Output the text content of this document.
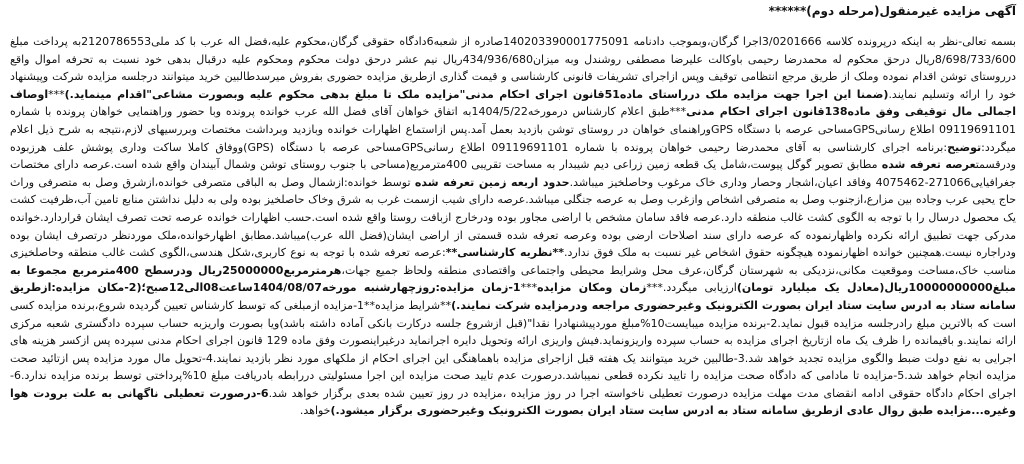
آگهی مزایده غیرمنقول(مرحله دوم)******
بسمه تعالی-نظر به اینکه درپرونده کلاسه 3/0201666اجرا گرگان،وبموجب دادنامه 140203390001775091صادره از شعبه6دادگاه حقوقی گرگان،محکوم علیه،فضل اله عرب با کد ملی2120786553به پرداخت مبلغ 8/698/733/600ریال درحق محکوم له محمدرضا رحیمی باوکالت علیرضا مصطفی روشندل وبه میزان434/936/680ریال نیم عشر درحق دولت محکوم ومحکوم علیه درقبال بدهی خود نسبت به تحرفه اموال واقع درروستای توشن اقدام نموده وملک از طریق مرجع انتظامی توقیف وپس ازاجرای تشریفات قانونی کارشناسی و قیمت گذاری ازطریق مزایده حضوری بفروش میرسدطالبین خرید میتوانند درجلسه مزایده شرکت وپیشنهاد خود را ارائه وتسلیم نمایند.(ضمنا این اجرا جهت مزایده ملک درراستای ماده51قانون اجرای احکام مدنی"مزایده ملک تا مبلغ بدهی محکوم علیه وبصورت مشاعی"اقدام مینماید.)***اوصاف اجمالی مال توقیفی وفق ماده138قانون اجرای احکام مدنی***طبق اعلام کارشناس درمورخه1404/5/22به اتفاق خواهان آقای فضل الله عرب خوانده پرونده وبا حضور وراهنمایی خواهان پرونده با شماره 09119691101 اطلاع رسانیGPSمساحی عرصه با دستگاه GPSوراهنمای خواهان در روستای توشن بازدید بعمل آمد.پس ازاستماع اظهارات خوانده وبازدید وبرداشت مختصات وبررسیهای لازم،نتیجه به شرح ذیل اعلام میگردد:توضیح:برنامه اجرای کارشناسی به آقای محمدرضا رحیمی خواهان پرونده با شماره 09119691101 اطلاع رسانیGPSمساحی عرصه با دستگاه (GPS)ووفاق کاملا ساکت وداری پوشش علف هرزبوده ودرقسمتعرصه تعرفه شده مطابق تصویر گوگل پیوست،شامل یک قطعه زمین زراعی دیم شیبدار به مساحت تقریبی 400مترمربع(مساحی با جنوب روستای توشن وشمال آبیندان واقع شده است.عرصه دارای مختصات جغرافیایی271066-4075462 وفاقد اعیان،اشجار وحصار وداری خاک مرغوب وحاصلخیز میباشد.حدود اربعه زمین تعرفه شده توسط خوانده:ازشمال وصل به الباقی متصرفی خوانده،ازشرق وصل به متصرفی وراث حاج یحیی عرب وجاده بین مزارع،ازجنوب وصل به متصرفی اشخاص وازغرب وصل به عرصه جنگلی میباشد.عرصه دارای شیب ازسمت غرب به شرق وخاک حاصلخیز بوده ولی به دلیل نداشتن منابع تامین آب،ظرفیت کشت یک محصول درسال را با توجه به الگوی کشت غالب منطقه دارد.عرصه فاقد سامان مشخص با اراضی مجاور بوده ودرخارج ازبافت روستا واقع شده است.حسب اظهارات خوانده عرصه تحت تصرف ایشان قراردارد.خوانده مدرکی جهت تطبیق ارائه نکرده واظهارنموده که عرصه دارای سند اصلاحات ارضی بوده وعرصه تعرفه شده قسمتی از اراضی ایشان(فضل الله عرب)میباشد.مطابق اظهارخوانده،ملک موردنظر درتصرف ایشان بوده ودراجاره نیست.همچنین خوانده اظهارنموده هیچگونه حقوق اشخاص غیر نسبت به ملک فوق ندارد.**نظریه کارشناسی**:عرصه تعرفه شده با توجه به نوع کاربری،شکل هندسی،الگوی کشت غالب منطقه وحاصلخیزی مناسب خاک،مساحت وموقعیت مکانی،نزدیکی به شهرستان گرگان،عرف محل وشرایط محیطی واجتماعی واقتصادی منطقه ولحاظ جمیع جهات،هرمترمربع25000000ریال ودرسطح 400مترمربع مجموعا به مبلغ10000000000ریال(معادل یک میلیارد تومان)ارزیابی میگردد.***زمان ومکان مزایده***1-زمان مزایده:روزچهارشنبه مورخه1404/08/07ساعت08الی12صبح؛(2-مکان مزایده:ازطریق سامانه ستاد به ادرس سایت ستاد ایران بصورت الکترونیک وغیرحضوری مراجعه ودرمزایده شرکت نمایند.)**شرایط مزایده**1-مزایده ازمبلغی که توسط کارشناس تعیین گردیده شروع،برنده مزایده کسی است که بالاترین مبلغ رادرجلسه مزایده قبول نماید.2-برنده مزایده میبایست10%مبلغ موردپیشنهادرا نقدا"(قبل ازشروع جلسه درکارت بانکی آماده داشته باشد)ویا بصورت واریزبه حساب سپرده دادگستری شعبه مرکزی ارائه نمایند.و باقیمانده را ظرف یک ماه ازتاریخ اجرای مزایده به حساب سپرده واریزونماید.فیش واریزی ارائه وتحویل دایره اجرانماید درغیراینصورت وفق ماده 129 قانون اجرای احکام مدنی سپرده پس ازکسر هزینه های اجرایی به نفع دولت ضبط والگوی مزایده تجدید خواهد شد.3-طالبین خرید میتوانند یک هفته قبل ازاجرای مزایده باهماهنگی این اجرای احکام از ملکهای مورد نظر بازدید نمایند.4-تحویل مال مورد مزایده پس ازتائید صحت مزایده انجام خواهد شد.5-مزایده تا مادامی که دادگاه صحت مزایده را تایید نکرده قطعی نمیباشد.درصورت عدم تایید صحت مزایده این اجرا مسئولیتی دررابطه بادریافت مبلغ 10%پرداختی توسط برنده مزایده ندارد.6-اجرای احکام دادگاه حقوقی ادامه انقضای مدت مهلت مزایده درصورت تعطیلی ناخواسته اجرا در روز مزایده ،مزایده در روز تعیین شده بعدی برگزار خواهد شد.6-درصورت تعطیلی ناگهانی به علت برودت هوا وغیره...مزایده طبق روال عادی ازطریق سامانه ستاد به ادرس سایت ستاد ایران بصورت الکترونیک وغیرحضوری برگزار میشود.)خواهد.
